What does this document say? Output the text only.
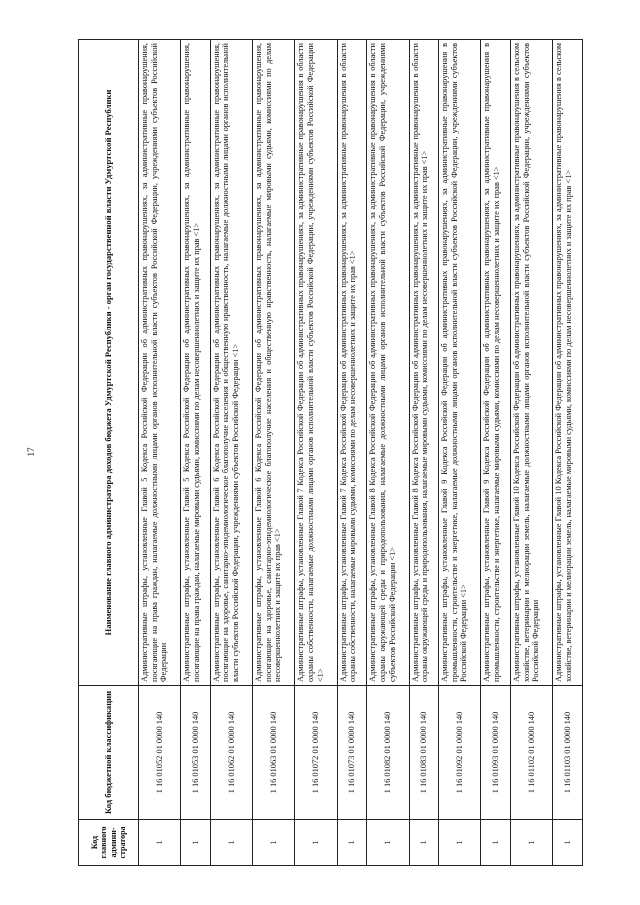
17
Код главного админи-стратора	Код бюджетной классификации	Наименование главного администратора доходов бюджета Удмуртской Республики - орган государственной власти Удмуртской Республики
1	1 16 01052 01 0000 140	Административные штрафы, установленные Главой 5 Кодекса Российской Федерации об административных правонарушениях, за административные правонарушения, посягающие на права граждан, налагаемые должностными лицами органов исполнительной власти субъектов Российской Федерации, учреждениями субъектов Российской Федерации
1	1 16 01053 01 0000 140	Административные штрафы, установленные Главой 5 Кодекса Российской Федерации об административных правонарушениях, за административные правонарушения, посягающие на права граждан, налагаемые мировыми судьями, комиссиями по делам несовершеннолетних и защите их прав <1>
1	1 16 01062 01 0000 140	Административные штрафы, установленные Главой 6 Кодекса Российской Федерации об административных правонарушениях, за административные правонарушения, посягающие на здоровье, санитарно-эпидемиологическое благополучие населения и общественную нравственность, налагаемые должностными лицами органов исполнительной власти субъектов Российской Федерации, учреждениями субъектов Российской Федерации <1>
1	1 16 01063 01 0000 140	Административные штрафы, установленные Главой 6 Кодекса Российской Федерации об административных правонарушениях, за административные правонарушения, посягающие на здоровье, санитарно-эпидемиологическое благополучие населения и общественную нравственность, налагаемые мировыми судьями, комиссиями по делам несовершеннолетних и защите их прав <1>
1	1 16 01072 01 0000 140	Административные штрафы, установленные Главой 7 Кодекса Российской Федерации об административных правонарушениях, за административные правонарушения в области охраны собственности, налагаемые должностными лицами органов исполнительной власти субъектов Российской Федерации, учреждениями субъектов Российской Федерации <1>
1	1 16 01073 01 0000 140	Административные штрафы, установленные Главой 7 Кодекса Российской Федерации об административных правонарушениях, за административные правонарушения в области охраны собственности, налагаемые мировыми судьями, комиссиями по делам несовершеннолетних и защите их прав <1>
1	1 16 01082 01 0000 140	Административные штрафы, установленные Главой 8 Кодекса Российской Федерации об административных правонарушениях, за административные правонарушения в области охраны окружающей среды и природопользования, налагаемые должностными лицами органов исполнительной власти субъектов Российской Федерации, учреждениями субъектов Российской Федерации <1>
1	1 16 01083 01 0000 140	Административные штрафы, установленные Главой 8 Кодекса Российской Федерации об административных правонарушениях, за административные правонарушения в области охраны окружающей среды и природопользования, налагаемые мировыми судьями, комиссиями по делам несовершеннолетних и защите их прав <1>
1	1 16 01092 01 0000 140	Административные штрафы, установленные Главой 9 Кодекса Российской Федерации об административных правонарушениях, за административные правонарушения в промышленности, строительстве и энергетике, налагаемые должностными лицами органов исполнительной власти субъектов Российской Федерации, учреждениями субъектов Российской Федерации <1>
1	1 16 01093 01 0000 140	Административные штрафы, установленные Главой 9 Кодекса Российской Федерации об административных правонарушениях, за административные правонарушения в промышленности, строительстве и энергетике, налагаемые мировыми судьями, комиссиями по делам несовершеннолетних и защите их прав <1>
1	1 16 01102 01 0000 140	Административные штрафы, установленные Главой 10 Кодекса Российской Федерации об административных правонарушениях, за административные правонарушения в сельском хозяйстве, ветеринарии и мелиорации земель, налагаемые должностными лицами органов исполнительной власти субъектов Российской Федерации, учреждениями субъектов Российской Федерации
1	1 16 01103 01 0000 140	Административные штрафы, установленные Главой 10 Кодекса Российской Федерации об административных правонарушениях, за административные правонарушения в сельском хозяйстве, ветеринарии и мелиорации земель, налагаемые мировыми судьями, комиссиями по делам несовершеннолетних и защите их прав <1>
